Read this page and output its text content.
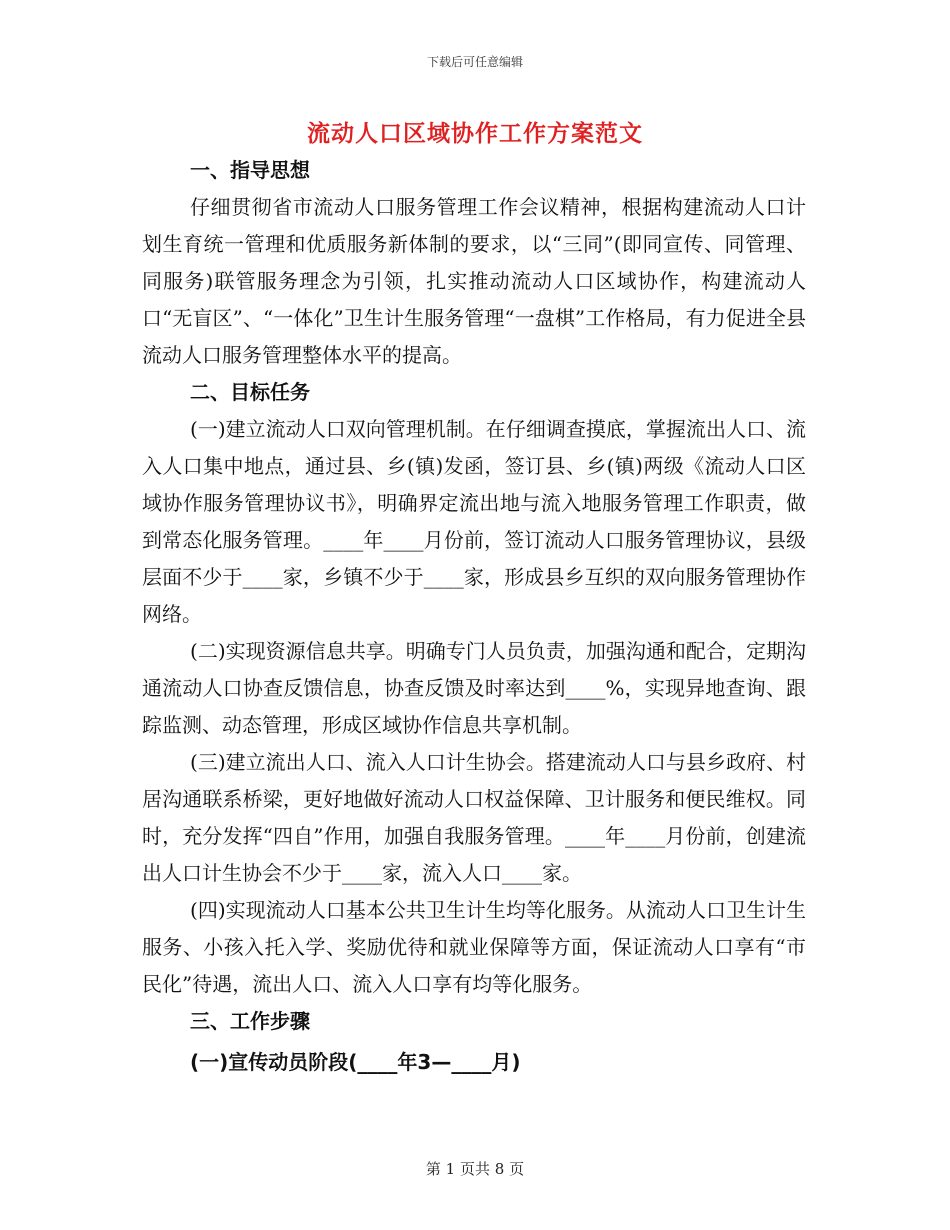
下载后可任意编辑
流动人口区域协作工作方案范文
一、指导思想

仔细贯彻省市流动人口服务管理工作会议精神，根据构建流动人口计划生育统一管理和优质服务新体制的要求，以“三同”(即同宣传、同管理、同服务)联管服务理念为引领，扎实推动流动人口区域协作，构建流动人口“无盲区”、“一体化”卫生计生服务管理“一盘棋”工作格局，有力促进全县流动人口服务管理整体水平的提高。

二、目标任务

(一)建立流动人口双向管理机制。在仔细调查摸底，掌握流出人口、流入人口集中地点，通过县、乡(镇)发函，签订县、乡(镇)两级《流动人口区域协作服务管理协议书》，明确界定流出地与流入地服务管理工作职责，做到常态化服务管理。____年____月份前，签订流动人口服务管理协议，县级层面不少于____家，乡镇不少于____家，形成县乡互织的双向服务管理协作网络。

(二)实现资源信息共享。明确专门人员负责，加强沟通和配合，定期沟通流动人口协查反馈信息，协查反馈及时率达到____%，实现异地查询、跟踪监测、动态管理，形成区域协作信息共享机制。

(三)建立流出人口、流入人口计生协会。搭建流动人口与县乡政府、村居沟通联系桥梁，更好地做好流动人口权益保障、卫计服务和便民维权。同时，充分发挥“四自”作用，加强自我服务管理。____年____月份前，创建流出人口计生协会不少于____家，流入人口____家。

(四)实现流动人口基本公共卫生计生均等化服务。从流动人口卫生计生服务、小孩入托入学、奖励优待和就业保障等方面，保证流动人口享有“市民化”待遇，流出人口、流入人口享有均等化服务。

三、工作步骤
(一)宣传动员阶段(____年3—____月)
第 1 页共 8 页
